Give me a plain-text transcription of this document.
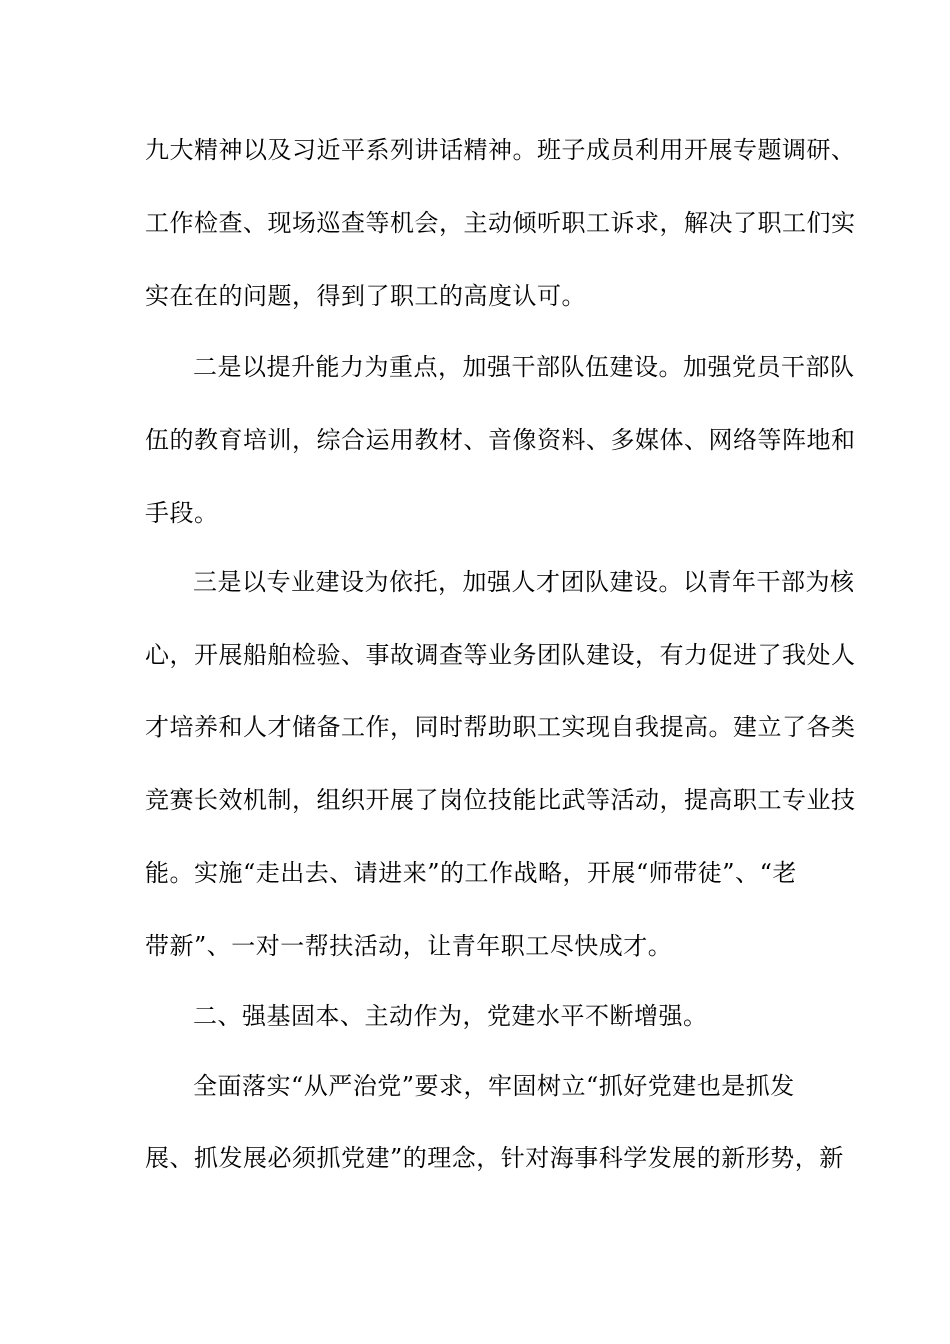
九大精神以及习近平系列讲话精神。班子成员利用开展专题调研、
工作检查、现场巡查等机会，主动倾听职工诉求，解决了职工们实
实在在的问题，得到了职工的高度认可。
二是以提升能力为重点，加强干部队伍建设。加强党员干部队
伍的教育培训，综合运用教材、音像资料、多媒体、网络等阵地和
手段。
三是以专业建设为依托，加强人才团队建设。以青年干部为核
心，开展船舶检验、事故调查等业务团队建设，有力促进了我处人
才培养和人才储备工作，同时帮助职工实现自我提高。建立了各类
竞赛长效机制，组织开展了岗位技能比武等活动，提高职工专业技
能。实施“走出去、请进来”的工作战略，开展“师带徒”、“老
带新”、一对一帮扶活动，让青年职工尽快成才。
二、强基固本、主动作为，党建水平不断增强。
全面落实“从严治党”要求，牢固树立“抓好党建也是抓发
展、抓发展必须抓党建”的理念，针对海事科学发展的新形势，新
